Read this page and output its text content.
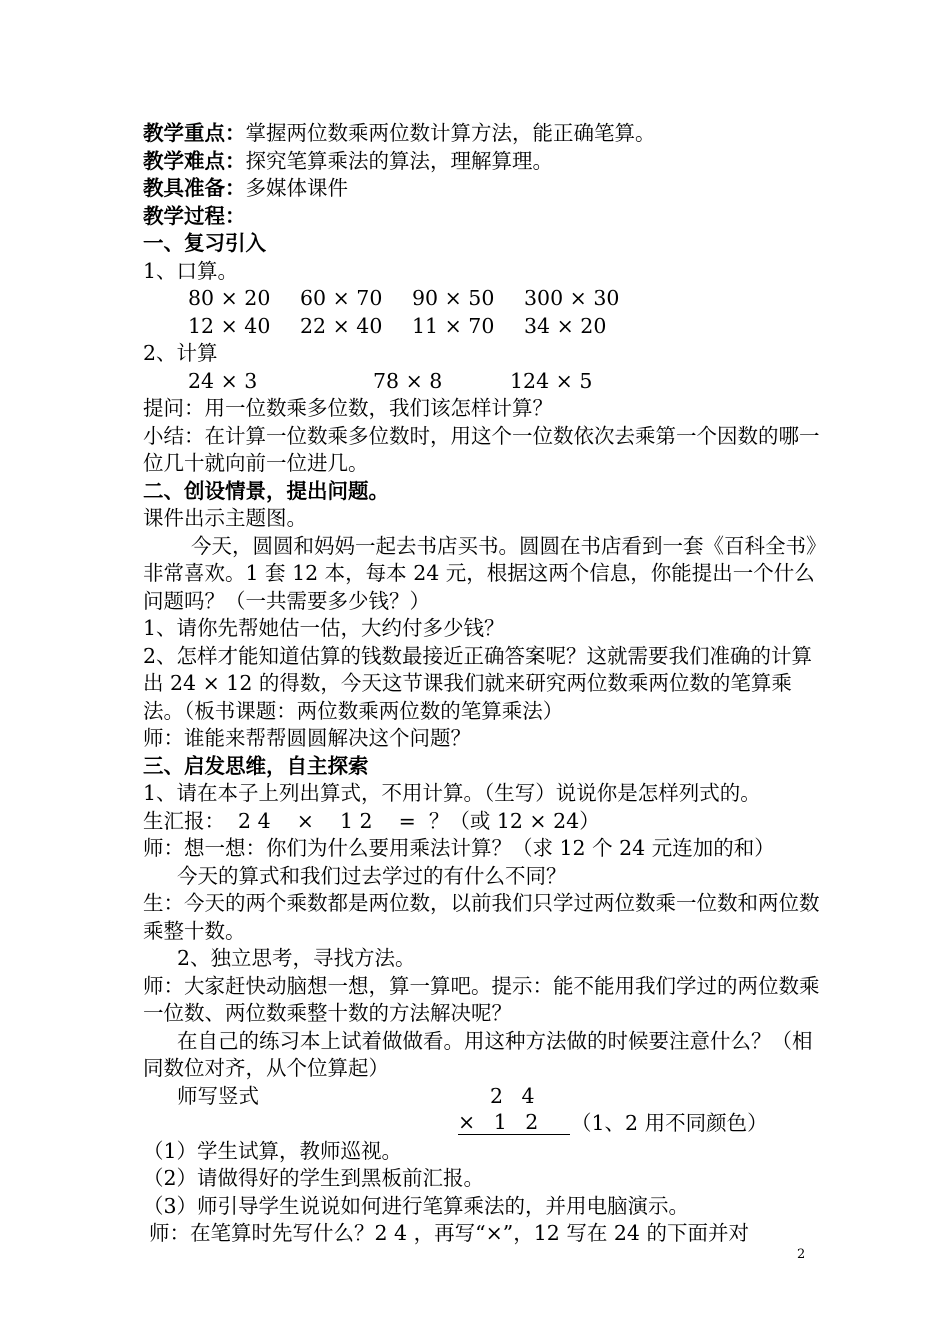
教学重点：掌握两位数乘两位数计算方法，能正确笔算。
教学难点：探究笔算乘法的算法，理解算理。
教具准备：多媒体课件
教学过程：
一、复习引入
1、口算。
80 × 20	60 × 70	90 × 50	300 × 30
12 × 40	22 × 40	11 × 70	34 × 20
2、计算
24 × 3	78 × 8	124 × 5
提问：用一位数乘多位数，我们该怎样计算？
小结：在计算一位数乘多位数时，用这个一位数依次去乘第一个因数的哪一位几十就向前一位进几。
二、创设情景，提出问题。
课件出示主题图。
今天，圆圆和妈妈一起去书店买书。圆圆在书店看到一套《百科全书》非常喜欢。1 套 12 本，每本 24 元，根据这两个信息，你能提出一个什么问题吗？（一共需要多少钱？）
1、请你先帮她估一估，大约付多少钱？
2、怎样才能知道估算的钱数最接近正确答案呢？这就需要我们准确的计算出 24 × 12 的得数，今天这节课我们就来研究两位数乘两位数的笔算乘法。（板书课题：两位数乘两位数的笔算乘法）
师：谁能来帮帮圆圆解决这个问题？
三、启发思维，自主探索
1、请在本子上列出算式，不用计算。（生写）说说你是怎样列式的。
生汇报：  2 4    ×    1 2    =  ？（或 12 × 24）
师：想一想：你们为什么要用乘法计算？（求 12 个 24 元连加的和）
今天的算式和我们过去学过的有什么不同？
生：今天的两个乘数都是两位数，以前我们只学过两位数乘一位数和两位数乘整十数。
2、独立思考，寻找方法。
师：大家赶快动脑想一想，算一算吧。提示：能不能用我们学过的两位数乘一位数、两位数乘整十数的方法解决呢？
在自己的练习本上试着做做看。用这种方法做的时候要注意什么？（相同数位对齐，从个位算起）
师写竖式	2 4
× 1 2	（1、2 用不同颜色）
（1）学生试算，教师巡视。
（2）请做得好的学生到黑板前汇报。
（3）师引导学生说说如何进行笔算乘法的，并用电脑演示。
师：在笔算时先写什么？2 4 ，再写“×”，12 写在 24 的下面并对
2
